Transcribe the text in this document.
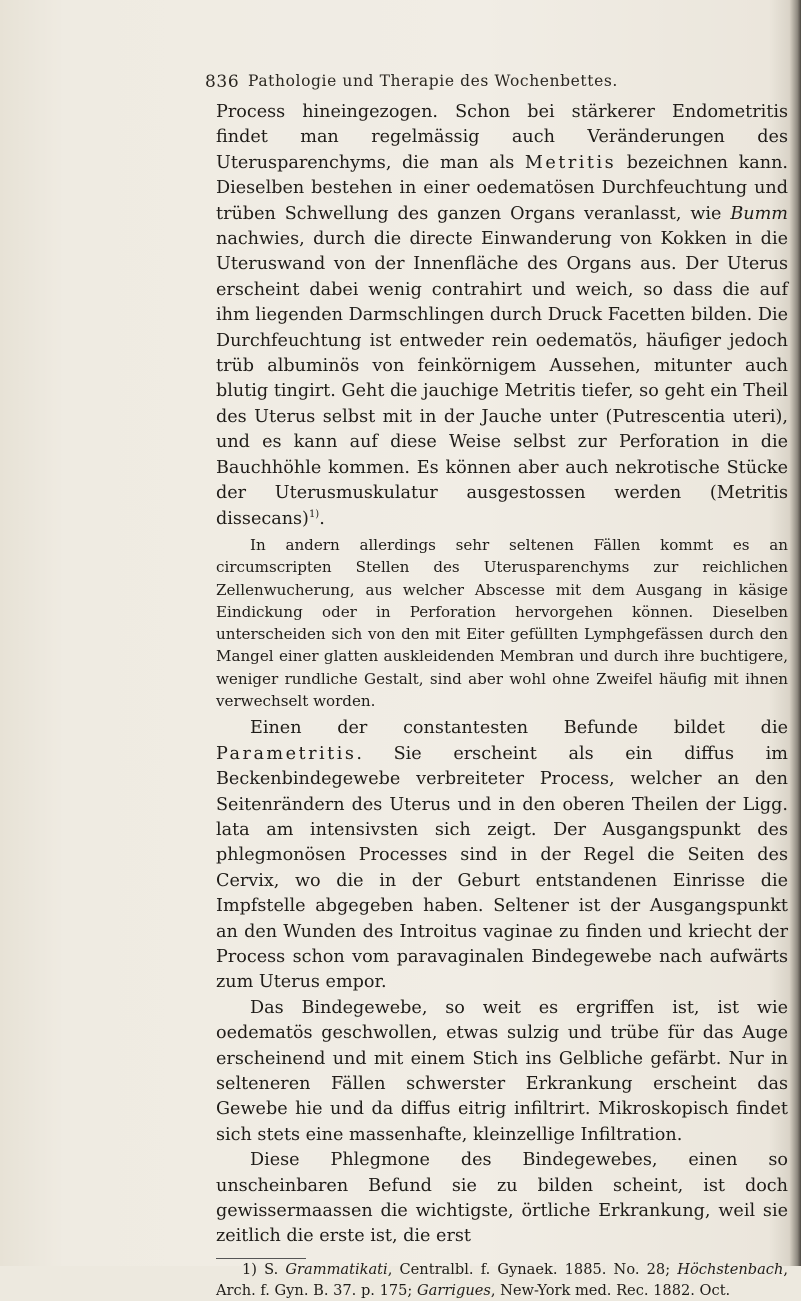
836 Pathologie und Therapie des Wochenbettes.

Process hineingezogen. Schon bei stärkerer Endometritis findet man regelmässig auch Veränderungen des Uterusparenchyms, die man als Metritis bezeichnen kann. Dieselben bestehen in einer oedematösen Durchfeuchtung und trüben Schwellung des ganzen Organs veranlasst, wie Bumm nachwies, durch die directe Einwanderung von Kokken in die Uteruswand von der Innenfläche des Organs aus. Der Uterus erscheint dabei wenig contrahirt und weich, so dass die auf ihm liegenden Darmschlingen durch Druck Facetten bilden. Die Durchfeuchtung ist entweder rein oedematös, häufiger jedoch trüb albuminös von feinkörnigem Aussehen, mitunter auch blutig tingirt. Geht die jauchige Metritis tiefer, so geht ein Theil des Uterus selbst mit in der Jauche unter (Putrescentia uteri), und es kann auf diese Weise selbst zur Perforation in die Bauchhöhle kommen. Es können aber auch nekrotische Stücke der Uterusmuskulatur ausgestossen werden (Metritis dissecans)$^{1)}$.

In andern allerdings sehr seltenen Fällen kommt es an circumscripten Stellen des Uterusparenchyms zur reichlichen Zellenwucherung, aus welcher Abscesse mit dem Ausgang in käsige Eindickung oder in Perforation hervorgehen können. Dieselben unterscheiden sich von den mit Eiter gefüllten Lymphgefässen durch den Mangel einer glatten auskleidenden Membran und durch ihre buchtigere, weniger rundliche Gestalt, sind aber wohl ohne Zweifel häufig mit ihnen verwechselt worden.

Einen der constantesten Befunde bildet die Parametritis. Sie erscheint als ein diffus im Beckenbindegewebe verbreiteter Process, welcher an den Seitenrändern des Uterus und in den oberen Theilen der Ligg. lata am intensivsten sich zeigt. Der Ausgangspunkt des phlegmonösen Processes sind in der Regel die Seiten des Cervix, wo die in der Geburt entstandenen Einrisse die Impfstelle abgegeben haben. Seltener ist der Ausgangspunkt an den Wunden des Introitus vaginae zu finden und kriecht der Process schon vom paravaginalen Bindegewebe nach aufwärts zum Uterus empor.

Das Bindegewebe, so weit es ergriffen ist, ist wie oedematös geschwollen, etwas sulzig und trübe für das Auge erscheinend und mit einem Stich ins Gelbliche gefärbt. Nur in selteneren Fällen schwerster Erkrankung erscheint das Gewebe hie und da diffus eitrig infiltrirt. Mikroskopisch findet sich stets eine massenhafte, kleinzellige Infiltration.

Diese Phlegmone des Bindegewebes, einen so unscheinbaren Befund sie zu bilden scheint, ist doch gewissermaassen die wichtigste, örtliche Erkrankung, weil sie zeitlich die erste ist, die erst

1) S. Grammatikati, Centralbl. f. Gynaek. 1885. No. 28; Höchstenbach, Arch. f. Gyn. B. 37. p. 175; Garrigues, New-York med. Rec. 1882. Oct.
